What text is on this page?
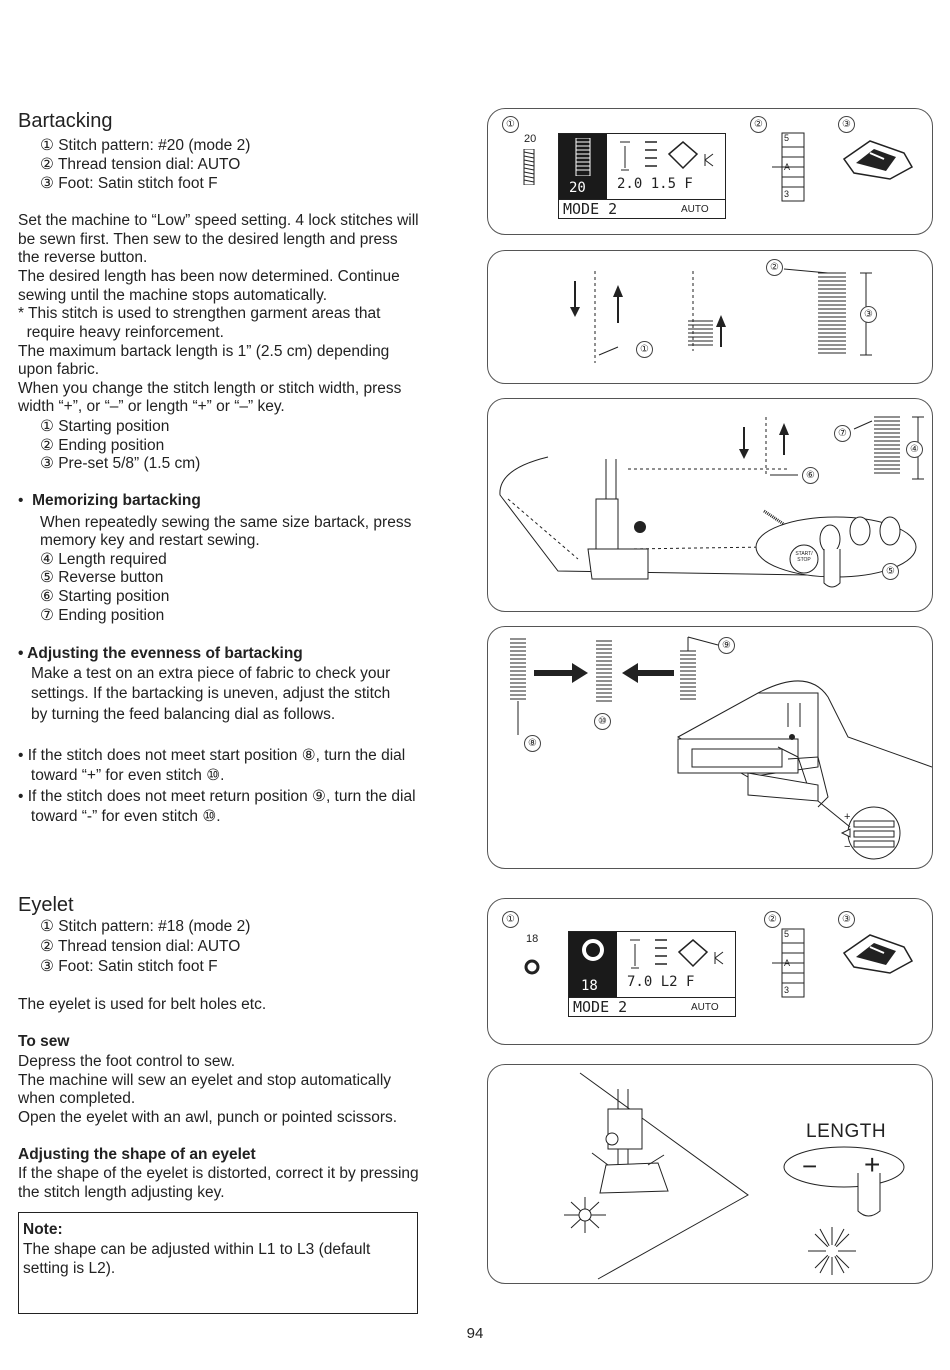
Bartacking
① Stitch pattern: #20 (mode 2)
② Thread tension dial: AUTO
③ Foot: Satin stitch foot F
Set the machine to “Low” speed setting. 4 lock stitches will
be sewn first. Then sew to the desired length and press
the reverse button.
The desired length has been now determined. Continue
sewing until the machine stops automatically.
* This stitch is used to strengthen garment areas that
require heavy reinforcement.
The maximum bartack length is 1” (2.5 cm) depending
upon fabric.
When you change the stitch length or stitch width, press
width “+”, or “–” or length “+” or “–” key.
① Starting position
② Ending position
③ Pre-set 5/8” (1.5 cm)
• Memorizing bartacking
When repeatedly sewing the same size bartack, press
memory key and restart sewing.
④ Length required
⑤ Reverse button
⑥ Starting position
⑦ Ending position
• Adjusting the evenness of bartacking
Make a test on an extra piece of fabric to check your
settings. If the bartacking is uneven, adjust the stitch
by turning the feed balancing dial as follows.
• If the stitch does not meet start position ⑧, turn the dial
toward “+” for even stitch ⑩.
• If the stitch does not meet return position ⑨, turn the dial
toward “-” for even stitch ⑩.
Eyelet
① Stitch pattern: #18 (mode 2)
② Thread tension dial: AUTO
③ Foot: Satin stitch foot F
The eyelet is used for belt holes etc.
To sew
Depress the foot control to sew.
The machine will sew an eyelet and stop automatically
when completed.
Open the eyelet with an awl, punch or pointed scissors.
Adjusting the shape of an eyelet
If the shape of the eyelet is distorted, correct it by pressing
the stitch length adjusting key.
Note:
The shape can be adjusted within L1 to L3 (default
setting is L2).
①	②	③
20
20 2.0 1.5 F
MODE 2	AUTO
5
A
3
①
②
③
START/ STOP
④
⑤
⑥
⑦
+
−
⑧
⑨
⑩
①	②	③
18
18 7.0 L2 F
MODE 2	AUTO
5
A
3
LENGTH
− +
94
